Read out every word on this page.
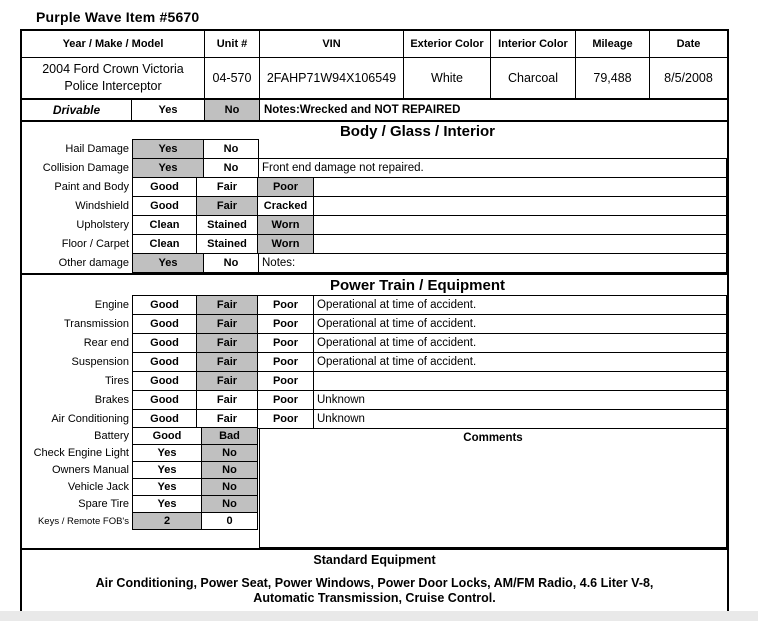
Purple Wave Item #5670
Year / Make / Model	Unit #	VIN	Exterior Color	Interior Color	Mileage	Date
2004 Ford Crown Victoria
Police Interceptor
04-570	2FAHP71W94X106549	White	Charcoal	79,488	8/5/2008
Drivable	Yes	No	Notes:Wrecked and NOT REPAIRED
Body / Glass / Interior
Hail Damage	Yes	No
Collision Damage	Yes	No	Front end damage not repaired.
Paint and Body	Good	Fair	Poor
Windshield	Good	Fair	Cracked
Upholstery	Clean	Stained	Worn
Floor / Carpet	Clean	Stained	Worn
Other damage	Yes	No	Notes:
Power Train / Equipment
Engine	Good	Fair	Poor	Operational at time of accident.
Transmission	Good	Fair	Poor	Operational at time of accident.
Rear end	Good	Fair	Poor	Operational at time of accident.
Suspension	Good	Fair	Poor	Operational at time of accident.
Tires	Good	Fair	Poor
Brakes	Good	Fair	Poor	Unknown
Air Conditioning	Good	Fair	Poor	Unknown
Battery	Good	Bad
Check Engine Light	Yes	No
Owners Manual	Yes	No
Vehicle Jack	Yes	No
Spare Tire	Yes	No
Keys / Remote FOB's	2	0
Comments
Standard Equipment
Air Conditioning, Power Seat, Power Windows, Power Door Locks, AM/FM Radio, 4.6 Liter V-8,
Automatic Transmission, Cruise Control.
